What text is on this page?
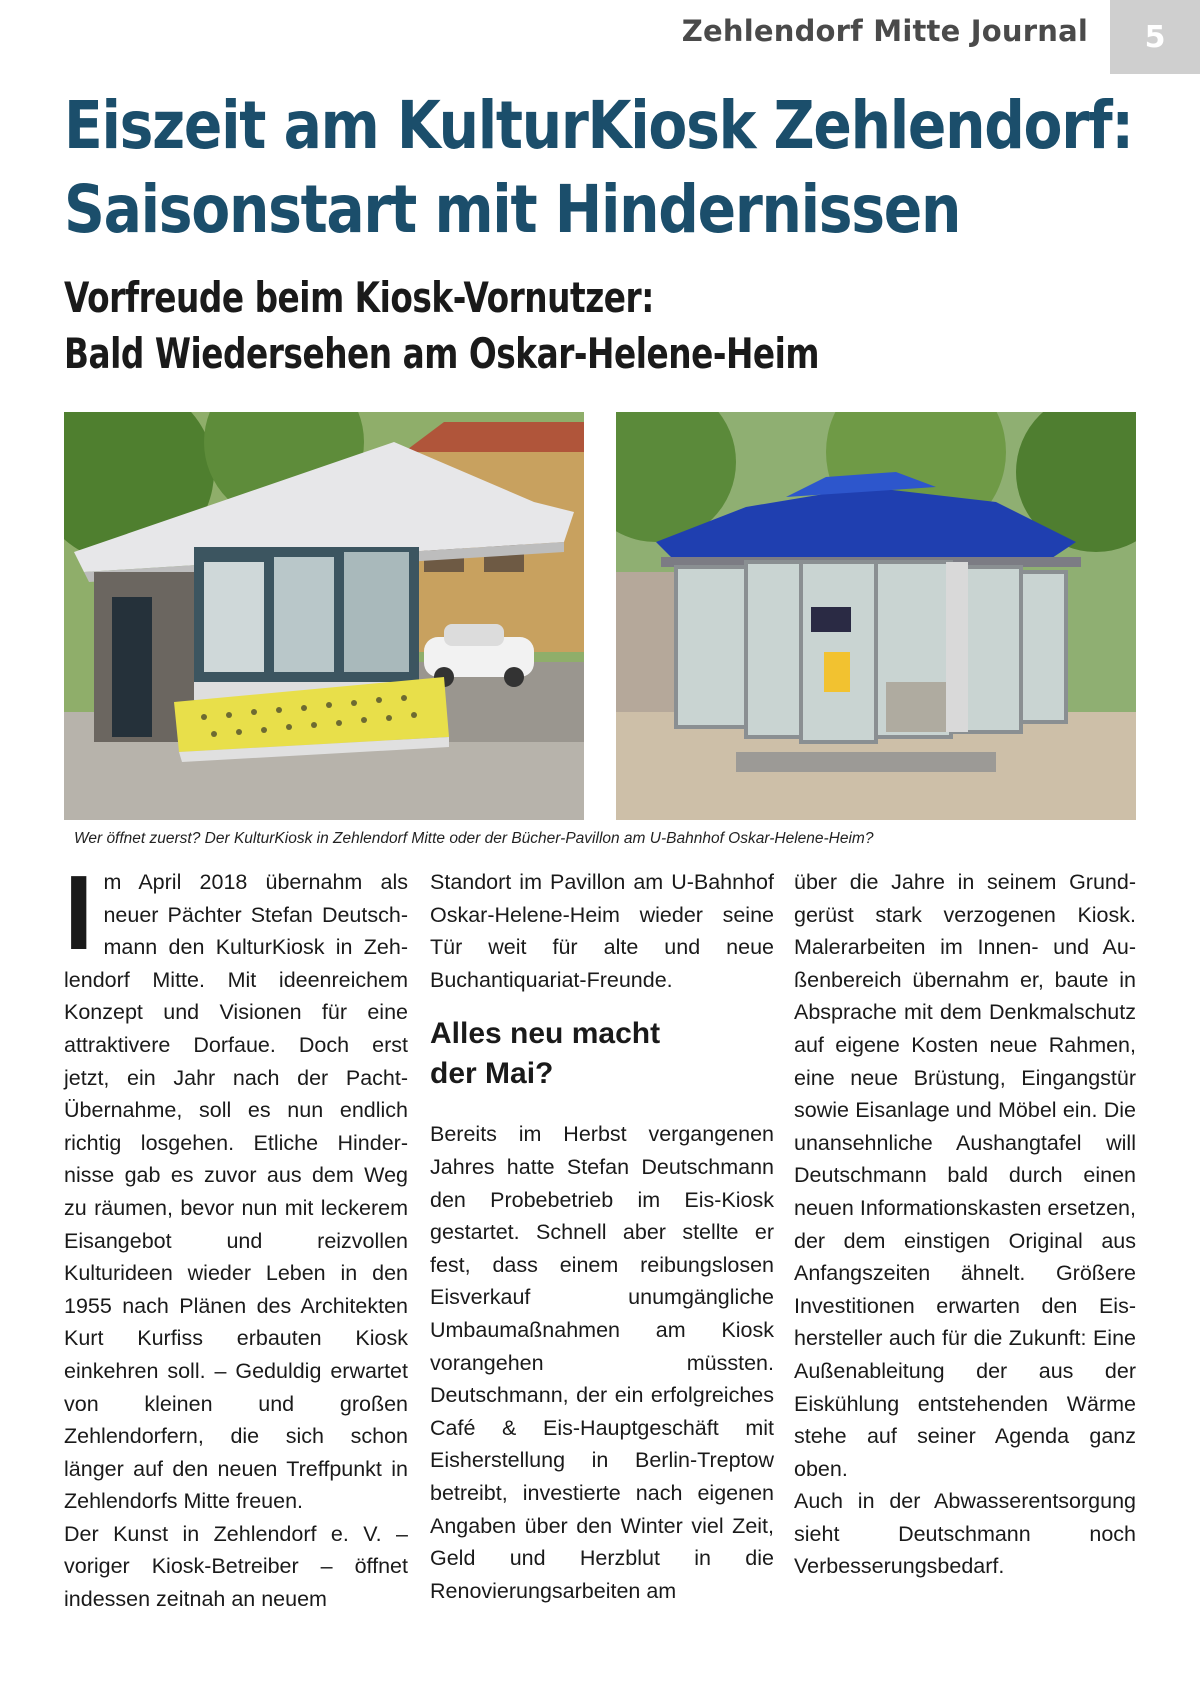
Zehlendorf Mitte Journal 5
Eiszeit am KulturKiosk Zehlendorf:
Saisonstart mit Hindernissen
Vorfreude beim Kiosk-Vornutzer:
Bald Wiedersehen am Oskar-Helene-Heim
Wer öffnet zuerst? Der KulturKiosk in Zehlendorf Mitte oder der Bücher-Pavillon am U-Bahnhof Oskar-Helene-Heim?

Im April 2018 übernahm als neuer Pächter Stefan Deutschmann den KulturKiosk in Zehlendorf Mitte. Mit ideenreichem Konzept und Visionen für eine attraktivere Dorfaue. Doch erst jetzt, ein Jahr nach der Pacht-Übernahme, soll es nun endlich richtig losgehen. Etliche Hindernisse gab es zuvor aus dem Weg zu räumen, bevor nun mit leckerem Eisangebot und reizvollen Kulturideen wieder Leben in den 1955 nach Plänen des Architekten Kurt Kurfiss erbauten Kiosk einkehren soll. – Geduldig erwartet von kleinen und großen Zehlendorfern, die sich schon länger auf den neuen Treffpunkt in Zehlendorfs Mitte freuen.

Der Kunst in Zehlendorf e. V. – voriger Kiosk-Betreiber – öffnet indessen zeitnah an neuem

Standort im Pavillon am U-Bahnhof Oskar-Helene-Heim wieder seine Tür weit für alte und neue Buchantiquariat-Freunde.

Alles neu macht
der Mai?

Bereits im Herbst vergangenen Jahres hatte Stefan Deutschmann den Probebetrieb im Eis-Kiosk gestartet. Schnell aber stellte er fest, dass einem reibungslosen Eisverkauf unumgängliche Umbaumaßnahmen am Kiosk vorangehen müssten. Deutschmann, der ein erfolgreiches Café & Eis-Hauptgeschäft mit Eisherstellung in Berlin-Treptow betreibt, investierte nach eigenen Angaben über den Winter viel Zeit, Geld und Herzblut in die Renovierungsarbeiten am

über die Jahre in seinem Grundgerüst stark verzogenen Kiosk. Malerarbeiten im Innen- und Außenbereich übernahm er, baute in Absprache mit dem Denkmalschutz auf eigene Kosten neue Rahmen, eine neue Brüstung, Eingangstür sowie Eisanlage und Möbel ein. Die unansehnliche Aushangtafel will Deutschmann bald durch einen neuen Informationskasten ersetzen, der dem einstigen Original aus Anfangszeiten ähnelt. Größere Investitionen erwarten den Eishersteller auch für die Zukunft: Eine Außenableitung der aus der Eiskühlung entstehenden Wärme stehe auf seiner Agenda ganz oben.

Auch in der Abwasserentsorgung sieht Deutschmann noch Verbesserungsbedarf.
